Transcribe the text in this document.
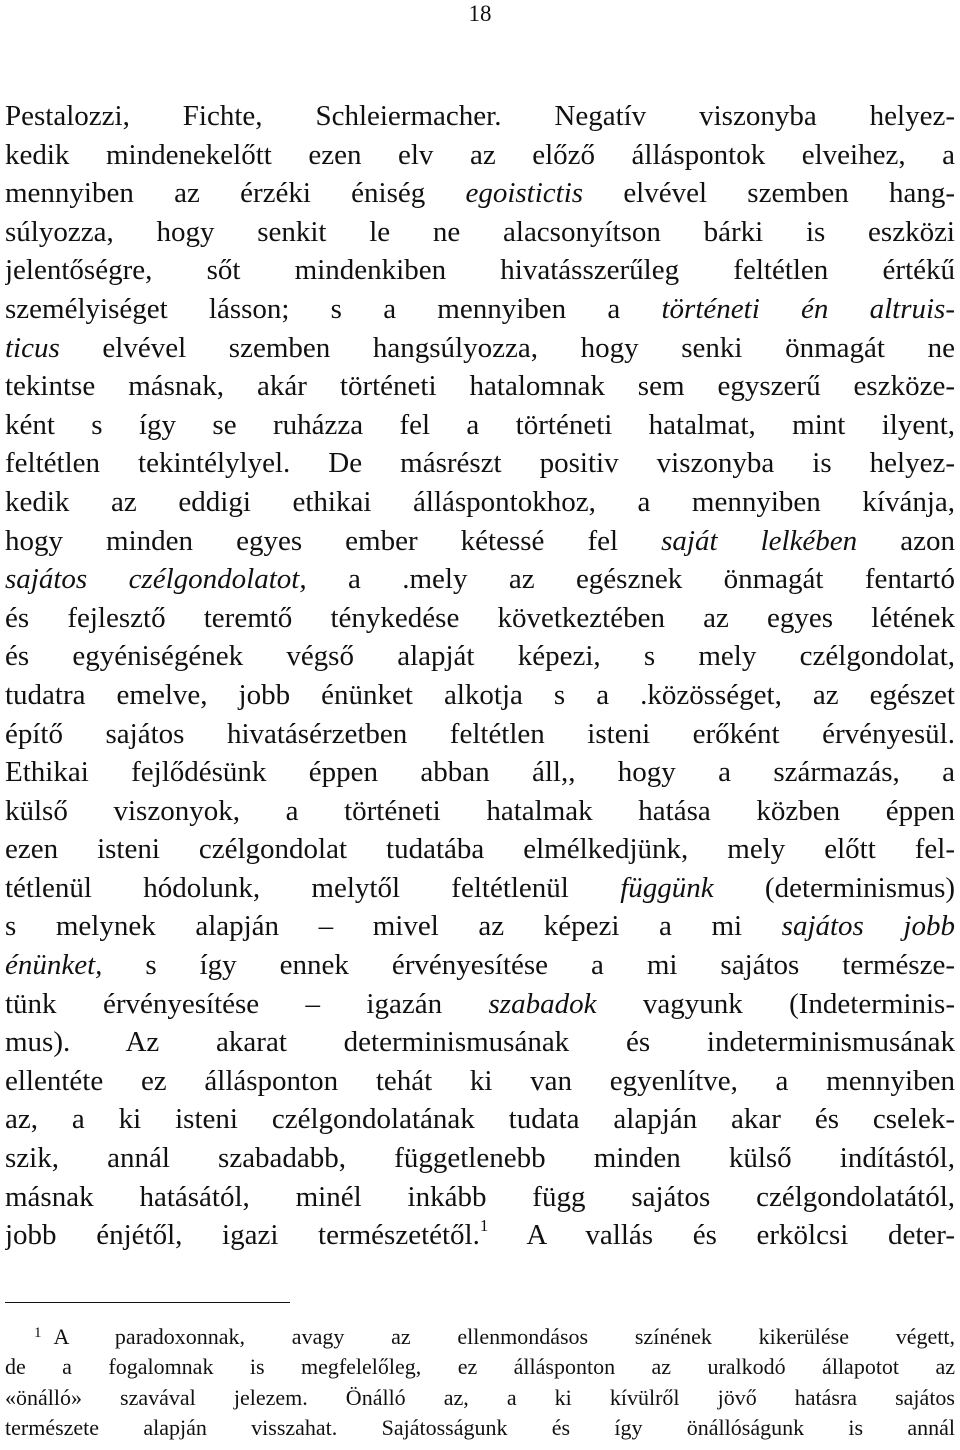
18
Pestalozzi, Fichte, Schleiermacher. Negatív viszonyba helyez-
kedik mindenekelőtt ezen elv az előző álláspontok elveihez, a
mennyiben az érzéki éniség egoistictis elvével szemben hang-
súlyozza, hogy senkit le ne alacsonyítson bárki is eszközi
jelentőségre, sőt mindenkiben hivatásszerűleg feltétlen értékű
személyiséget lásson; s a mennyiben a történeti én altruis-
ticus elvével szemben hangsúlyozza, hogy senki önmagát ne
tekintse másnak, akár történeti hatalomnak sem egyszerű eszköze-
ként s így se ruházza fel a történeti hatalmat, mint ilyent,
feltétlen tekintélylyel. De másrészt positiv viszonyba is helyez-
kedik az eddigi ethikai álláspontokhoz, a mennyiben kívánja,
hogy minden egyes ember kétessé fel saját lelkében azon
sajátos czélgondolatot, a .mely az egésznek önmagát fentartó
és fejlesztő teremtő ténykedése következtében az egyes létének
és egyéniségének végső alapját képezi, s mely czélgondolat,
tudatra emelve, jobb énünket alkotja s a .közösséget, az egészet
építő sajátos hivatásérzetben feltétlen isteni erőként érvényesül.
Ethikai fejlődésünk éppen abban áll,, hogy a származás, a
külső viszonyok, a történeti hatalmak hatása közben éppen
ezen isteni czélgondolat tudatába elmélkedjünk, mely előtt fel-
tétlenül hódolunk, melytől feltétlenül függünk (determinismus)
s melynek alapján – mivel az képezi a mi sajátos jobb
énünket, s így ennek érvényesítése a mi sajátos természe-
tünk érvényesítése – igazán szabadok vagyunk (Indeterminis-
mus). Az akarat determinismusának és indeterminismusának
ellentéte ez állásponton tehát ki van egyenlítve, a mennyiben
az, a ki isteni czélgondolatának tudata alapján akar és cselek-
szik, annál szabadabb, függetlenebb minden külső indítástól,
másnak hatásától, minél inkább függ sajátos czélgondolatától,
jobb énjétől, igazi természetétől.$^1$ A vallás és erkölcsi deter-
$^1$ A paradoxonnak, avagy az ellenmondásos színének kikerülése végett,
de a fogalomnak is megfelelőleg, ez állásponton az uralkodó állapotot az
«önálló» szavával jelezem. Önálló az, a ki kívülről jövő hatásra sajátos
természete alapján visszahat. Sajátosságunk és így önállóságunk is annál
